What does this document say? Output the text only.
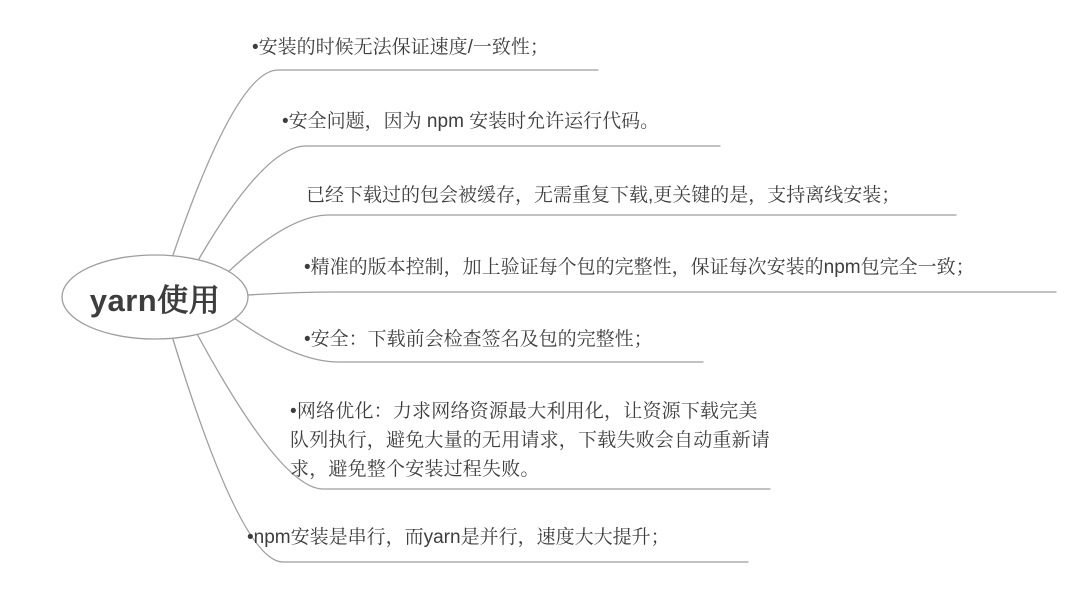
yarn使用
•安装的时候无法保证速度/一致性；
•安全问题，因为 npm 安装时允许运行代码。
已经下载过的包会被缓存，无需重复下载,更关键的是，支持离线安装；
•精准的版本控制，加上验证每个包的完整性，保证每次安装的npm包完全一致；
•安全：下载前会检查签名及包的完整性；
•网络优化：力求网络资源最大利用化，让资源下载完美队列执行，避免大量的无用请求，下载失败会自动重新请求，避免整个安装过程失败。
•npm安装是串行，而yarn是并行，速度大大提升；
